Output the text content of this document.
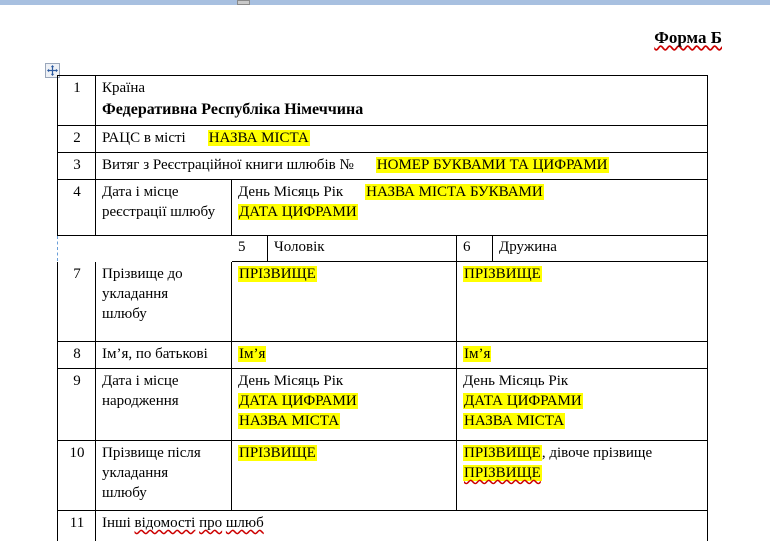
Форма Б
1	Країна
Федеративна Республіка Німеччина				

2	РАЦС в місті НАЗВА МІСТА				
3	Витяг з Реєстраційної книги шлюбів № НОМЕР БУКВАМИ ТА ЦИФРАМИ				
4	Дата і місце
реєстрації шлюбу	День Місяць Рік НАЗВА МІСТА БУКВАМИ
ДАТА ЦИФРАМИ			

		5	Чоловік	6	Дружина
7	Прізвище до
укладання
шлюбу	ПРІЗВИЩЕ		ПРІЗВИЩЕ	
8	Ім’я, по батькові	Ім’я		Ім’я	
9	Дата і місце
народження	День Місяць Рік
ДАТА ЦИФРАМИ
НАЗВА МІСТА		День Місяць Рік
ДАТА ЦИФРАМИ
НАЗВА МІСТА	

10	Прізвище після
укладання
шлюбу	ПРІЗВИЩЕ		ПРІЗВИЩЕ, дівоче прізвище
ПРІЗВИЩЕ	

11	Інші відомості про шлюб				
